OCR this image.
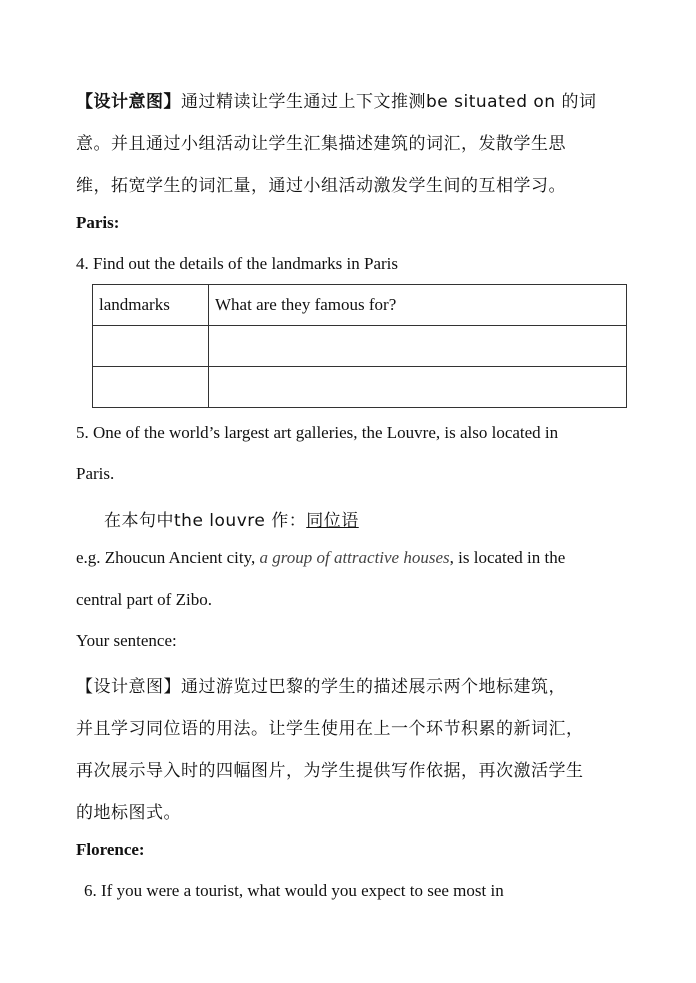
【设计意图】通过精读让学生通过上下文推测be situated on 的词
意。并且通过小组活动让学生汇集描述建筑的词汇，发散学生思
维，拓宽学生的词汇量，通过小组活动激发学生间的互相学习。
Paris:
4. Find out the details of the landmarks in Paris
landmarks	What are they famous for?

5. One of the world’s largest art galleries, the Louvre, is also located in
Paris.
在本句中the louvre 作：同位语
e.g. Zhoucun Ancient city, a group of attractive houses, is located in the
central part of Zibo.
Your sentence:
【设计意图】通过游览过巴黎的学生的描述展示两个地标建筑，
并且学习同位语的用法。让学生使用在上一个环节积累的新词汇，
再次展示导入时的四幅图片，为学生提供写作依据，再次激活学生
的地标图式。
Florence:
6. If you were a tourist, what would you expect to see most in
